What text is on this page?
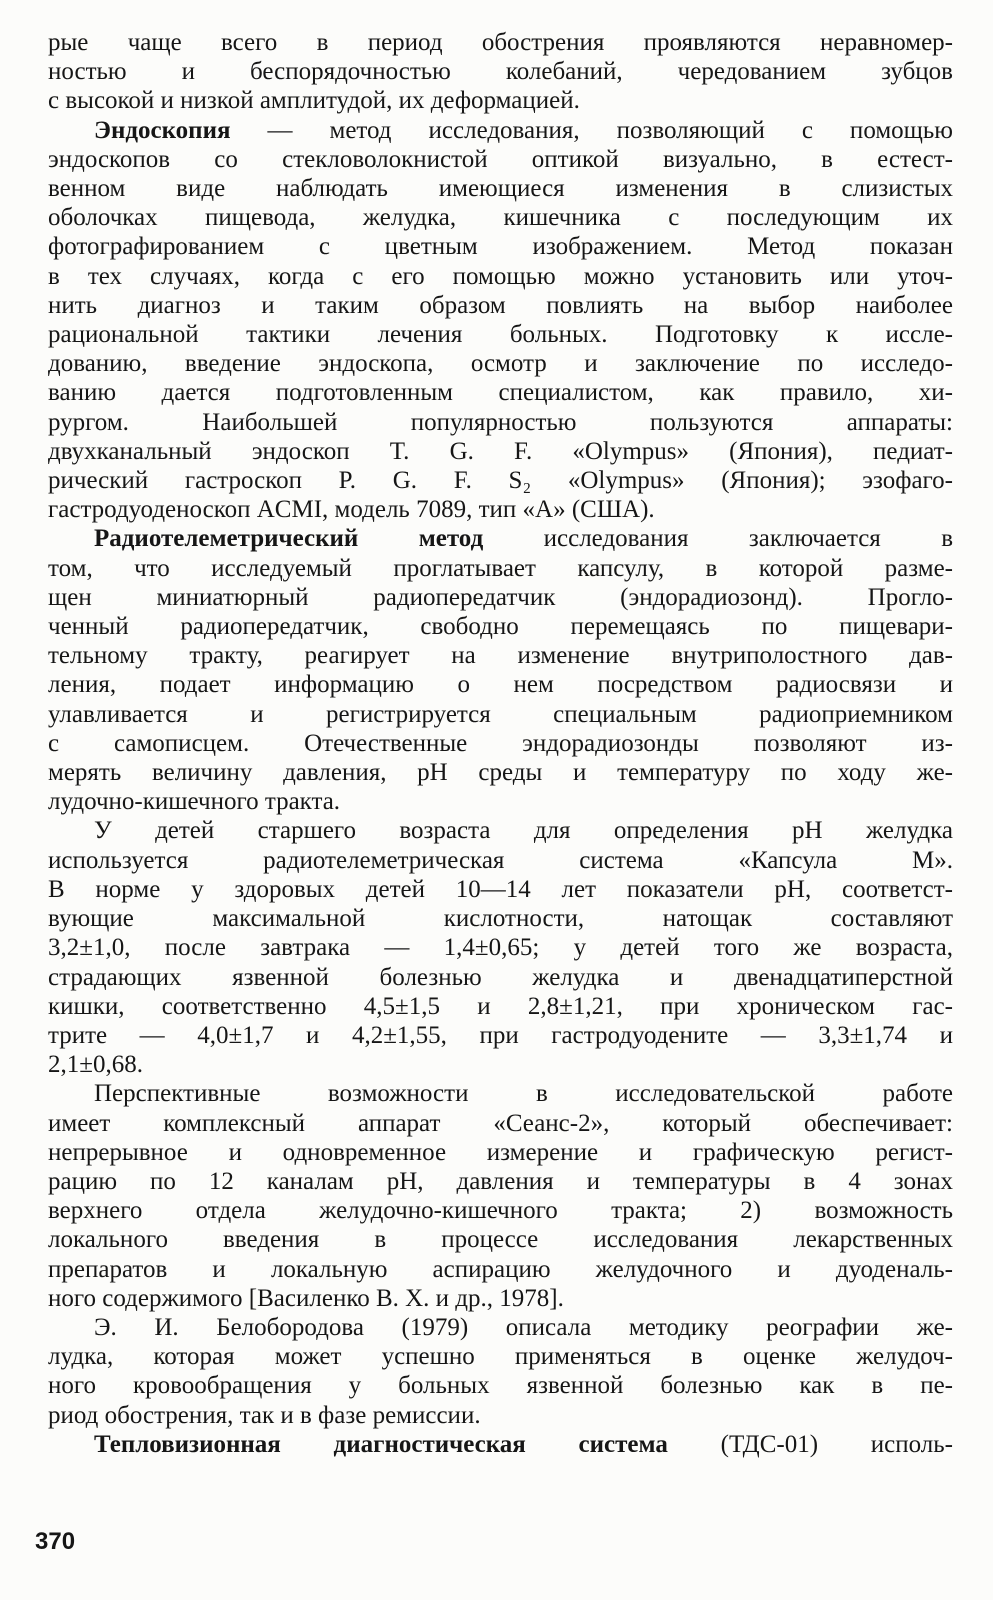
рые чаще всего в период обострения проявляются неравномер-
ностью и беспорядочностью колебаний, чередованием зубцов
с высокой и низкой амплитудой, их деформацией.
Эндоскопия — метод исследования, позволяющий с помощью
эндоскопов со стекловолокнистой оптикой визуально, в естест-
венном виде наблюдать имеющиеся изменения в слизистых
оболочках пищевода, желудка, кишечника с последующим их
фотографированием с цветным изображением. Метод показан
в тех случаях, когда с его помощью можно установить или уточ-
нить диагноз и таким образом повлиять на выбор наиболее
рациональной тактики лечения больных. Подготовку к иссле-
дованию, введение эндоскопа, осмотр и заключение по исследо-
ванию дается подготовленным специалистом, как правило, хи-
рургом. Наибольшей популярностью пользуются аппараты:
двухканальный эндоскоп T. G. F. «Olympus» (Япония), педиат-
рический гастроскоп P. G. F. S₂ «Olympus» (Япония); эзофаго-
гастродуоденоскоп ACMI, модель 7089, тип «А» (США).
Радиотелеметрический метод исследования заключается в
том, что исследуемый проглатывает капсулу, в которой разме-
щен миниатюрный радиопередатчик (эндорадиозонд). Прогло-
ченный радиопередатчик, свободно перемещаясь по пищевари-
тельному тракту, реагирует на изменение внутриполостного дав-
ления, подает информацию о нем посредством радиосвязи и
улавливается и регистрируется специальным радиоприемником
с самописцем. Отечественные эндорадиозонды позволяют из-
мерять величину давления, pH среды и температуру по ходу же-
лудочно-кишечного тракта.
У детей старшего возраста для определения pH желудка
используется радиотелеметрическая система «Капсула М».
В норме у здоровых детей 10—14 лет показатели pH, соответст-
вующие максимальной кислотности, натощак составляют
3,2±1,0, после завтрака — 1,4±0,65; у детей того же возраста,
страдающих язвенной болезнью желудка и двенадцатиперстной
кишки, соответственно 4,5±1,5 и 2,8±1,21, при хроническом гас-
трите — 4,0±1,7 и 4,2±1,55, при гастродуодените — 3,3±1,74 и
2,1±0,68.
Перспективные возможности в исследовательской работе
имеет комплексный аппарат «Сеанс-2», который обеспечивает:
непрерывное и одновременное измерение и графическую регист-
рацию по 12 каналам pH, давления и температуры в 4 зонах
верхнего отдела желудочно-кишечного тракта; 2) возможность
локального введения в процессе исследования лекарственных
препаратов и локальную аспирацию желудочного и дуоденаль-
ного содержимого [Василенко В. Х. и др., 1978].
Э. И. Белобородова (1979) описала методику реографии же-
лудка, которая может успешно применяться в оценке желудоч-
ного кровообращения у больных язвенной болезнью как в пе-
риод обострения, так и в фазе ремиссии.
Тепловизионная диагностическая система (ТДС-01) исполь-
370
